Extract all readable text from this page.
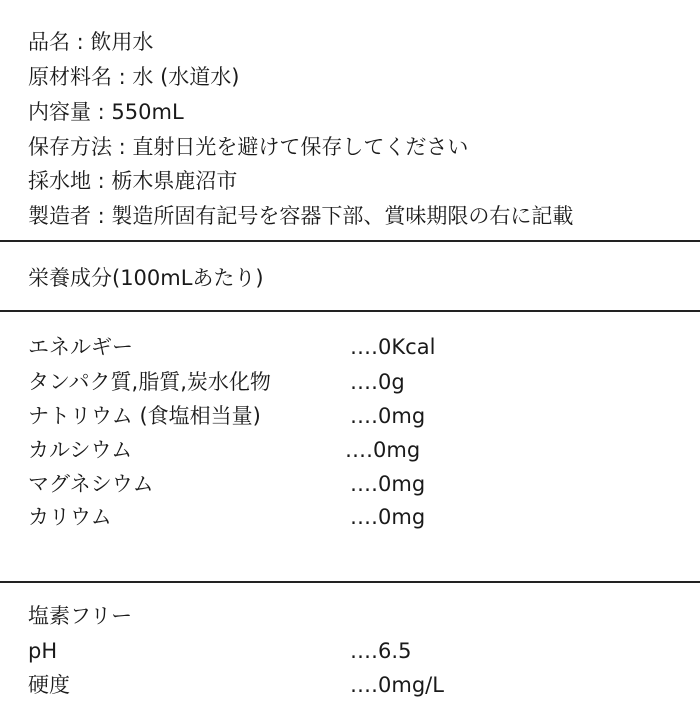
品名 : 飲用水
原材料名 : 水 (水道水)
内容量 : 550mL
保存方法 : 直射日光を避けて保存してください
採水地 : 栃木県鹿沼市
製造者 : 製造所固有記号を容器下部、賞味期限の右に記載
栄養成分(100mLあたり)
エネルギー	‥‥0Kcal
タンパク質,脂質,炭水化物	‥‥0g
ナトリウム (食塩相当量)	‥‥0mg
カルシウム	‥‥0mg
マグネシウム	‥‥0mg
カリウム	‥‥0mg
塩素フリー
pH	‥‥6.5
硬度	‥‥0mg/L
